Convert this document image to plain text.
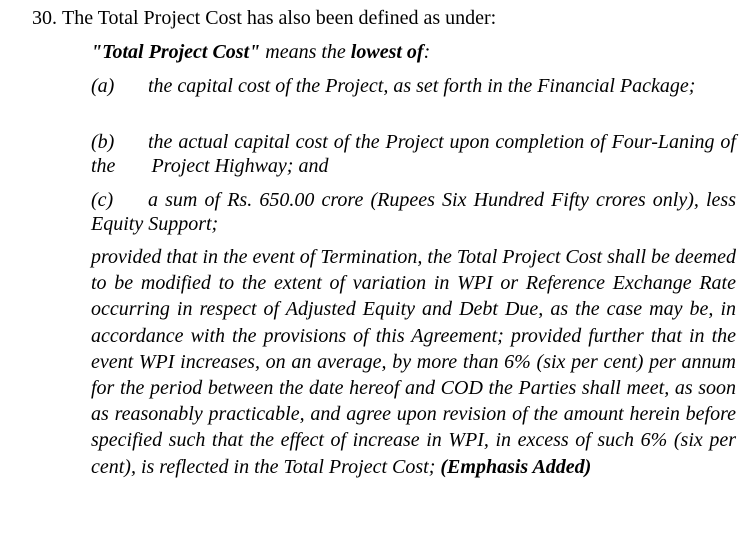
30. The Total Project Cost has also been defined as under:
"Total Project Cost" means the lowest of:
(a) the capital cost of the Project, as set forth in the Financial Package;
(b) the actual capital cost of the Project upon completion of Four-Laning of the Project Highway; and
(c) a sum of Rs. 650.00 crore (Rupees Six Hundred Fifty crores only), less Equity Support;
provided that in the event of Termination, the Total Project Cost shall be deemed to be modified to the extent of variation in WPI or Reference Exchange Rate occurring in respect of Adjusted Equity and Debt Due, as the case may be, in accordance with the provisions of this Agreement; provided further that in the event WPI increases, on an average, by more than 6% (six per cent) per annum for the period between the date hereof and COD the Parties shall meet, as soon as reasonably practicable, and agree upon revision of the amount herein before specified such that the effect of increase in WPI, in excess of such 6% (six per cent), is reflected in the Total Project Cost; (Emphasis Added)
